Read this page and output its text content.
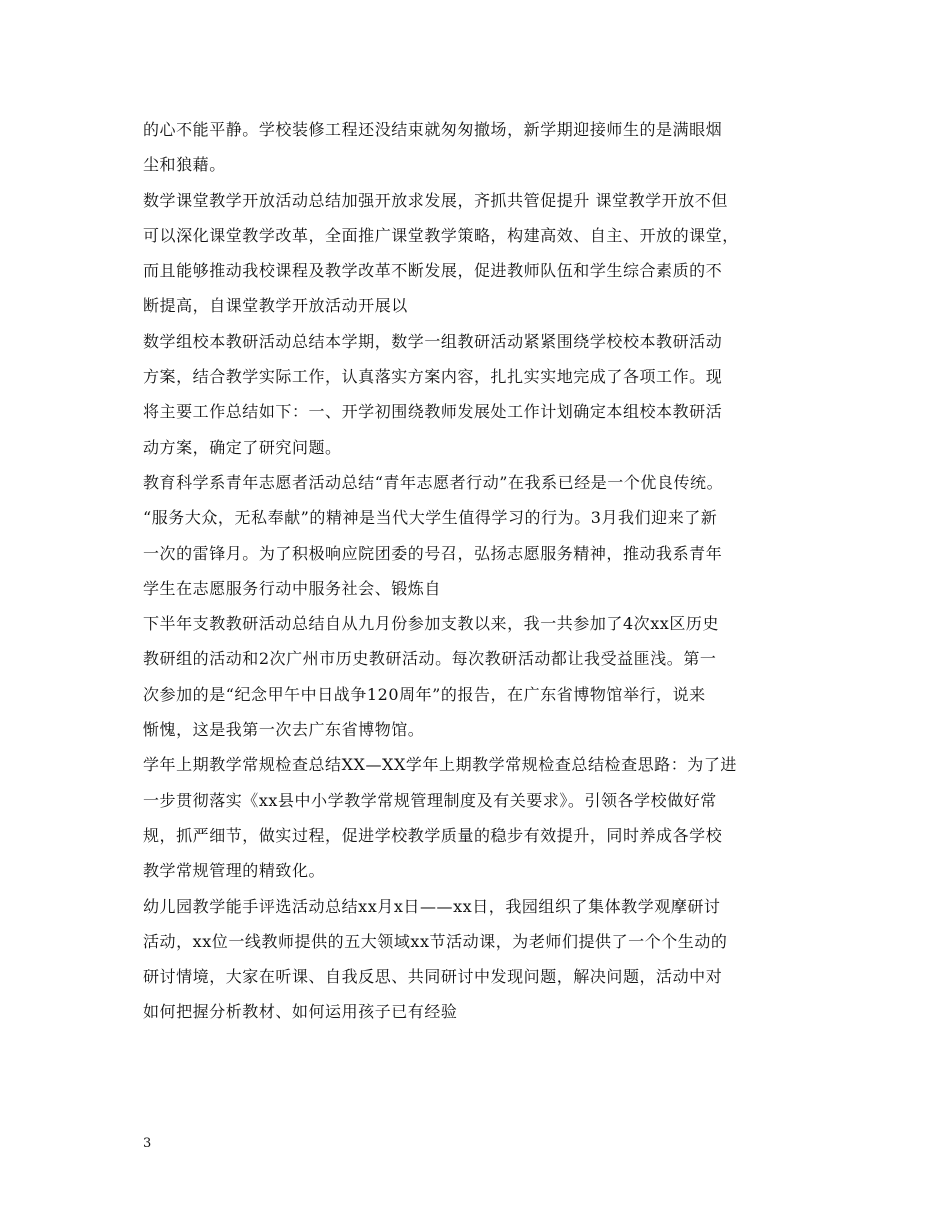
的心不能平静。学校装修工程还没结束就匆匆撤场，新学期迎接师生的是满眼烟
尘和狼藉。
数学课堂教学开放活动总结加强开放求发展，齐抓共管促提升 课堂教学开放不但
可以深化课堂教学改革，全面推广课堂教学策略，构建高效、自主、开放的课堂，
而且能够推动我校课程及教学改革不断发展，促进教师队伍和学生综合素质的不
断提高，自课堂教学开放活动开展以
数学组校本教研活动总结本学期，数学一组教研活动紧紧围绕学校校本教研活动
方案，结合教学实际工作，认真落实方案内容，扎扎实实地完成了各项工作。现
将主要工作总结如下：一、开学初围绕教师发展处工作计划确定本组校本教研活
动方案，确定了研究问题。
教育科学系青年志愿者活动总结“青年志愿者行动”在我系已经是一个优良传统。
“服务大众，无私奉献”的精神是当代大学生值得学习的行为。3月我们迎来了新
一次的雷锋月。为了积极响应院团委的号召，弘扬志愿服务精神，推动我系青年
学生在志愿服务行动中服务社会、锻炼自
下半年支教教研活动总结自从九月份参加支教以来，我一共参加了4次xx区历史
教研组的活动和2次广州市历史教研活动。每次教研活动都让我受益匪浅。第一
次参加的是“纪念甲午中日战争120周年”的报告，在广东省博物馆举行，说来
惭愧，这是我第一次去广东省博物馆。
学年上期教学常规检查总结XX—XX学年上期教学常规检查总结检查思路：为了进
一步贯彻落实《xx县中小学教学常规管理制度及有关要求》。引领各学校做好常
规，抓严细节，做实过程，促进学校教学质量的稳步有效提升，同时养成各学校
教学常规管理的精致化。
幼儿园教学能手评选活动总结xx月x日——xx日，我园组织了集体教学观摩研讨
活动，xx位一线教师提供的五大领域xx节活动课，为老师们提供了一个个生动的
研讨情境，大家在听课、自我反思、共同研讨中发现问题，解决问题，活动中对
如何把握分析教材、如何运用孩子已有经验
3
